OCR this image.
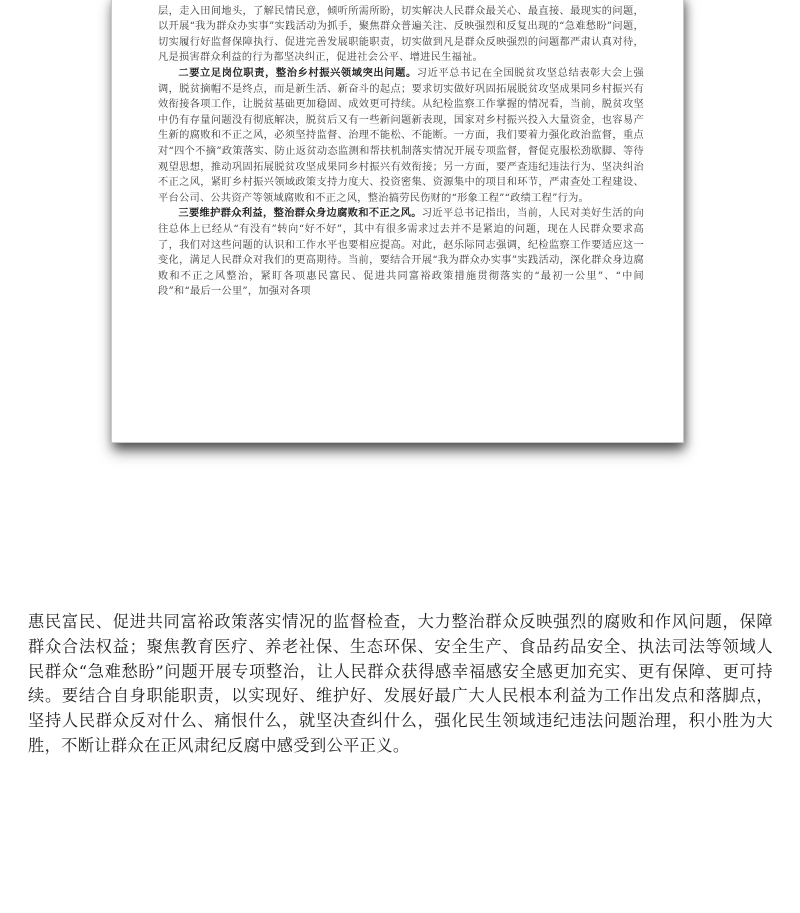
层，走入田间地头，了解民情民意，倾听所需所盼，切实解决人民群众最关心、最直接、最现实的问题，以开展“我为群众办实事”实践活动为抓手，聚焦群众普遍关注、反映强烈和反复出现的“急难愁盼”问题，切实履行好监督保障执行、促进完善发展职能职责，切实做到凡是群众反映强烈的问题都严肃认真对待，凡是损害群众利益的行为都坚决纠正，促进社会公平、增进民生福祉。

二要立足岗位职责，整治乡村振兴领域突出问题。习近平总书记在全国脱贫攻坚总结表彰大会上强调，脱贫摘帽不是终点，而是新生活、新奋斗的起点；要求切实做好巩固拓展脱贫攻坚成果同乡村振兴有效衔接各项工作，让脱贫基础更加稳固、成效更可持续。从纪检监察工作掌握的情况看，当前，脱贫攻坚中仍有存量问题没有彻底解决，脱贫后又有一些新问题新表现，国家对乡村振兴投入大量资金，也容易产生新的腐败和不正之风，必须坚持监督、治理不能松、不能断。一方面，我们要着力强化政治监督，重点对“四个不摘”政策落实、防止返贫动态监测和帮扶机制落实情况开展专项监督，督促克服松劲歇脚、等待观望思想，推动巩固拓展脱贫攻坚成果同乡村振兴有效衔接；另一方面，要严查违纪违法行为、坚决纠治不正之风，紧盯乡村振兴领域政策支持力度大、投资密集、资源集中的项目和环节，严肃查处工程建设、平台公司、公共资产等领域腐败和不正之风，整治搞劳民伤财的“形象工程”“政绩工程”行为。

三要维护群众利益，整治群众身边腐败和不正之风。习近平总书记指出，当前，人民对美好生活的向往总体上已经从“有没有”转向“好不好”，其中有很多需求过去并不是紧迫的问题，现在人民群众要求高了，我们对这些问题的认识和工作水平也要相应提高。对此，赵乐际同志强调，纪检监察工作要适应这一变化，满足人民群众对我们的更高期待。当前，要结合开展“我为群众办实事”实践活动，深化群众身边腐败和不正之风整治，紧盯各项惠民富民、促进共同富裕政策措施贯彻落实的“最初一公里”、“中间段”和“最后一公里”，加强对各项

惠民富民、促进共同富裕政策落实情况的监督检查，大力整治群众反映强烈的腐败和作风问题，保障群众合法权益；聚焦教育医疗、养老社保、生态环保、安全生产、食品药品安全、执法司法等领域人民群众“急难愁盼”问题开展专项整治，让人民群众获得感幸福感安全感更加充实、更有保障、更可持续。要结合自身职能职责，以实现好、维护好、发展好最广大人民根本利益为工作出发点和落脚点，坚持人民群众反对什么、痛恨什么，就坚决查纠什么，强化民生领域违纪违法问题治理，积小胜为大胜，不断让群众在正风肃纪反腐中感受到公平正义。
